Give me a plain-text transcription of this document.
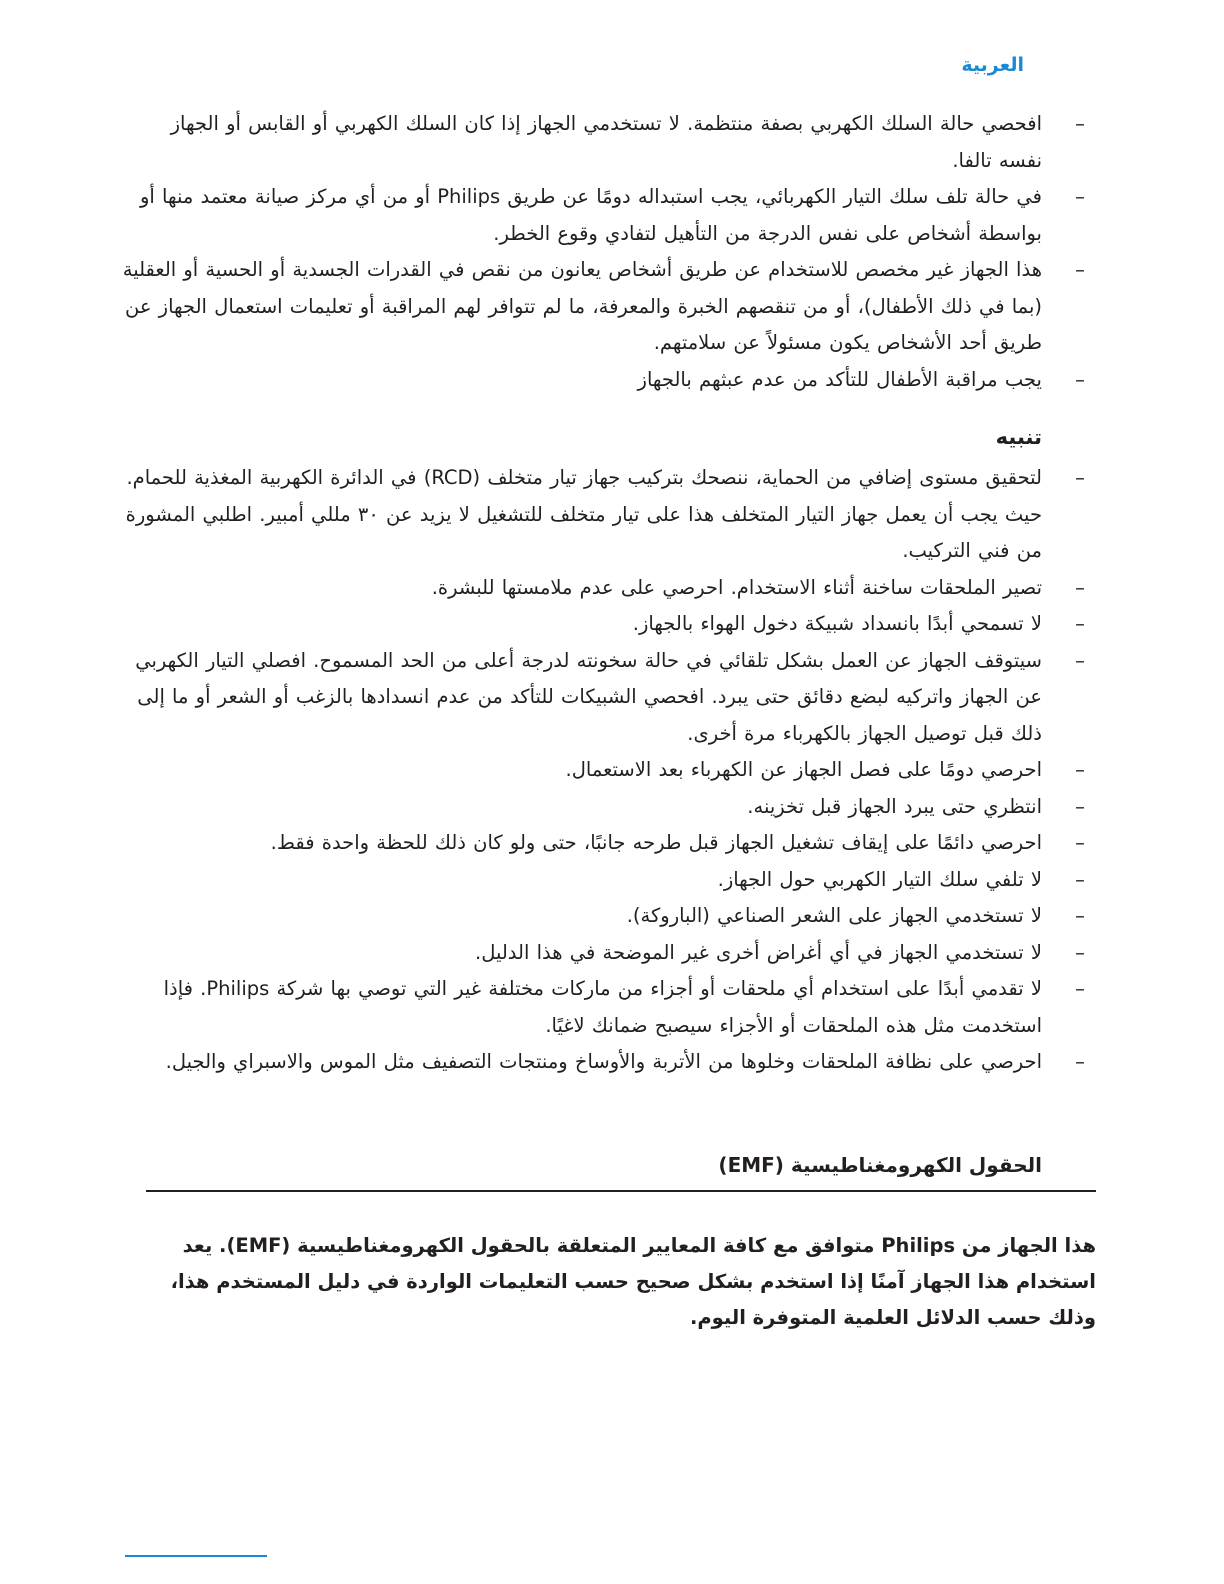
العربية
–
افحصي حالة السلك الكهربي بصفة منتظمة. لا تستخدمي الجهاز إذا كان السلك الكهربي أو القابس أو الجهاز نفسه تالفا.
–
في حالة تلف سلك التيار الكهربائي، يجب استبداله دومًا عن طريق Philips أو من أي مركز صيانة معتمد منها أو بواسطة أشخاص على نفس الدرجة من التأهيل لتفادي وقوع الخطر.
–
هذا الجهاز غير مخصص للاستخدام عن طريق أشخاص يعانون من نقص في القدرات الجسدية أو الحسية أو العقلية (بما في ذلك الأطفال)، أو من تنقصهم الخبرة والمعرفة، ما لم تتوافر لهم المراقبة أو تعليمات استعمال الجهاز عن طريق أحد الأشخاص يكون مسئولاً عن سلامتهم.
–
يجب مراقبة الأطفال للتأكد من عدم عبثهم بالجهاز
تنبيه
–
لتحقيق مستوى إضافي من الحماية، ننصحك بتركيب جهاز تيار متخلف (RCD) في الدائرة الكهربية المغذية للحمام. حيث يجب أن يعمل جهاز التيار المتخلف هذا على تيار متخلف للتشغيل لا يزيد عن ٣٠ مللي أمبير. اطلبي المشورة من فني التركيب.
–
تصير الملحقات ساخنة أثناء الاستخدام. احرصي على عدم ملامستها للبشرة.
–
لا تسمحي أبدًا بانسداد شبيكة دخول الهواء بالجهاز.
–
سيتوقف الجهاز عن العمل بشكل تلقائي في حالة سخونته لدرجة أعلى من الحد المسموح. افصلي التيار الكهربي عن الجهاز واتركيه لبضع دقائق حتى يبرد. افحصي الشبيكات للتأكد من عدم انسدادها بالزغب أو الشعر أو ما إلى ذلك قبل توصيل الجهاز بالكهرباء مرة أخرى.
–
احرصي دومًا على فصل الجهاز عن الكهرباء بعد الاستعمال.
–
انتظري حتى يبرد الجهاز قبل تخزينه.
–
احرصي دائمًا على إيقاف تشغيل الجهاز قبل طرحه جانبًا، حتى ولو كان ذلك للحظة واحدة فقط.
–
لا تلفي سلك التيار الكهربي حول الجهاز.
–
لا تستخدمي الجهاز على الشعر الصناعي (الباروكة).
–
لا تستخدمي الجهاز في أي أغراض أخرى غير الموضحة في هذا الدليل.
–
لا تقدمي أبدًا على استخدام أي ملحقات أو أجزاء من ماركات مختلفة غير التي توصي بها شركة Philips. فإذا استخدمت مثل هذه الملحقات أو الأجزاء سيصبح ضمانك لاغيًا.
–
احرصي على نظافة الملحقات وخلوها من الأتربة والأوساخ ومنتجات التصفيف مثل الموس والاسبراي والجيل.
الحقول الكهرومغناطيسية (EMF)

هذا الجهاز من Philips متوافق مع كافة المعايير المتعلقة بالحقول الكهرومغناطيسية (EMF). يعد استخدام هذا الجهاز آمنًا إذا استخدم بشكل صحيح حسب التعليمات الواردة في دليل المستخدم هذا، وذلك حسب الدلائل العلمية المتوفرة اليوم.
